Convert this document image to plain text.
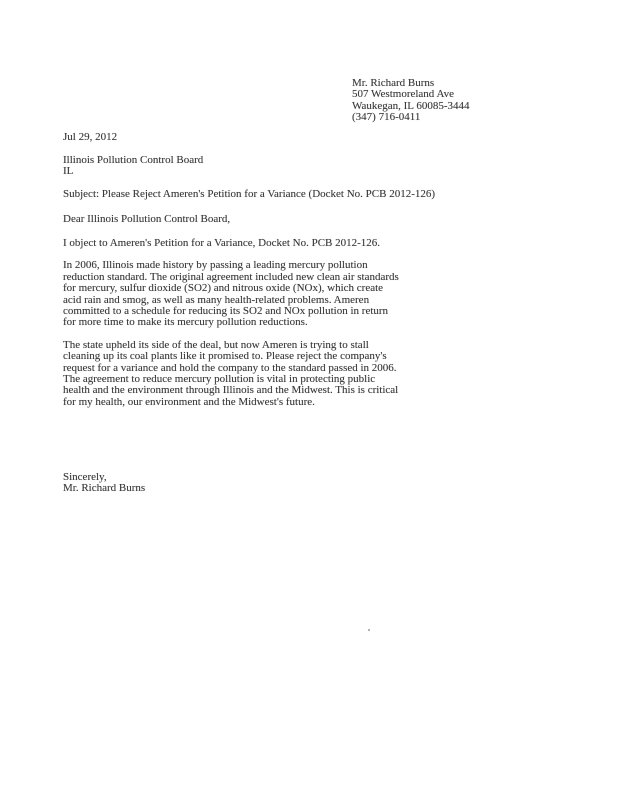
Mr. Richard Burns
507 Westmoreland Ave
Waukegan, IL 60085-3444
(347) 716-0411
Jul 29, 2012
Illinois Pollution Control Board
IL
Subject: Please Reject Ameren's Petition for a Variance (Docket No. PCB 2012-126)
Dear Illinois Pollution Control Board,

I object to Ameren's Petition for a Variance, Docket No. PCB 2012-126.

In 2006, Illinois made history by passing a leading mercury pollution reduction standard. The original agreement included new clean air standards for mercury, sulfur dioxide (SO2) and nitrous oxide (NOx), which create acid rain and smog, as well as many health-related problems. Ameren committed to a schedule for reducing its SO2 and NOx pollution in return for more time to make its mercury pollution reductions.

The state upheld its side of the deal, but now Ameren is trying to stall cleaning up its coal plants like it promised to. Please reject the company's request for a variance and hold the company to the standard passed in 2006. The agreement to reduce mercury pollution is vital in protecting public health and the environment through Illinois and the Midwest. This is critical for my health, our environment and the Midwest's future.

Sincerely,
Mr. Richard Burns
